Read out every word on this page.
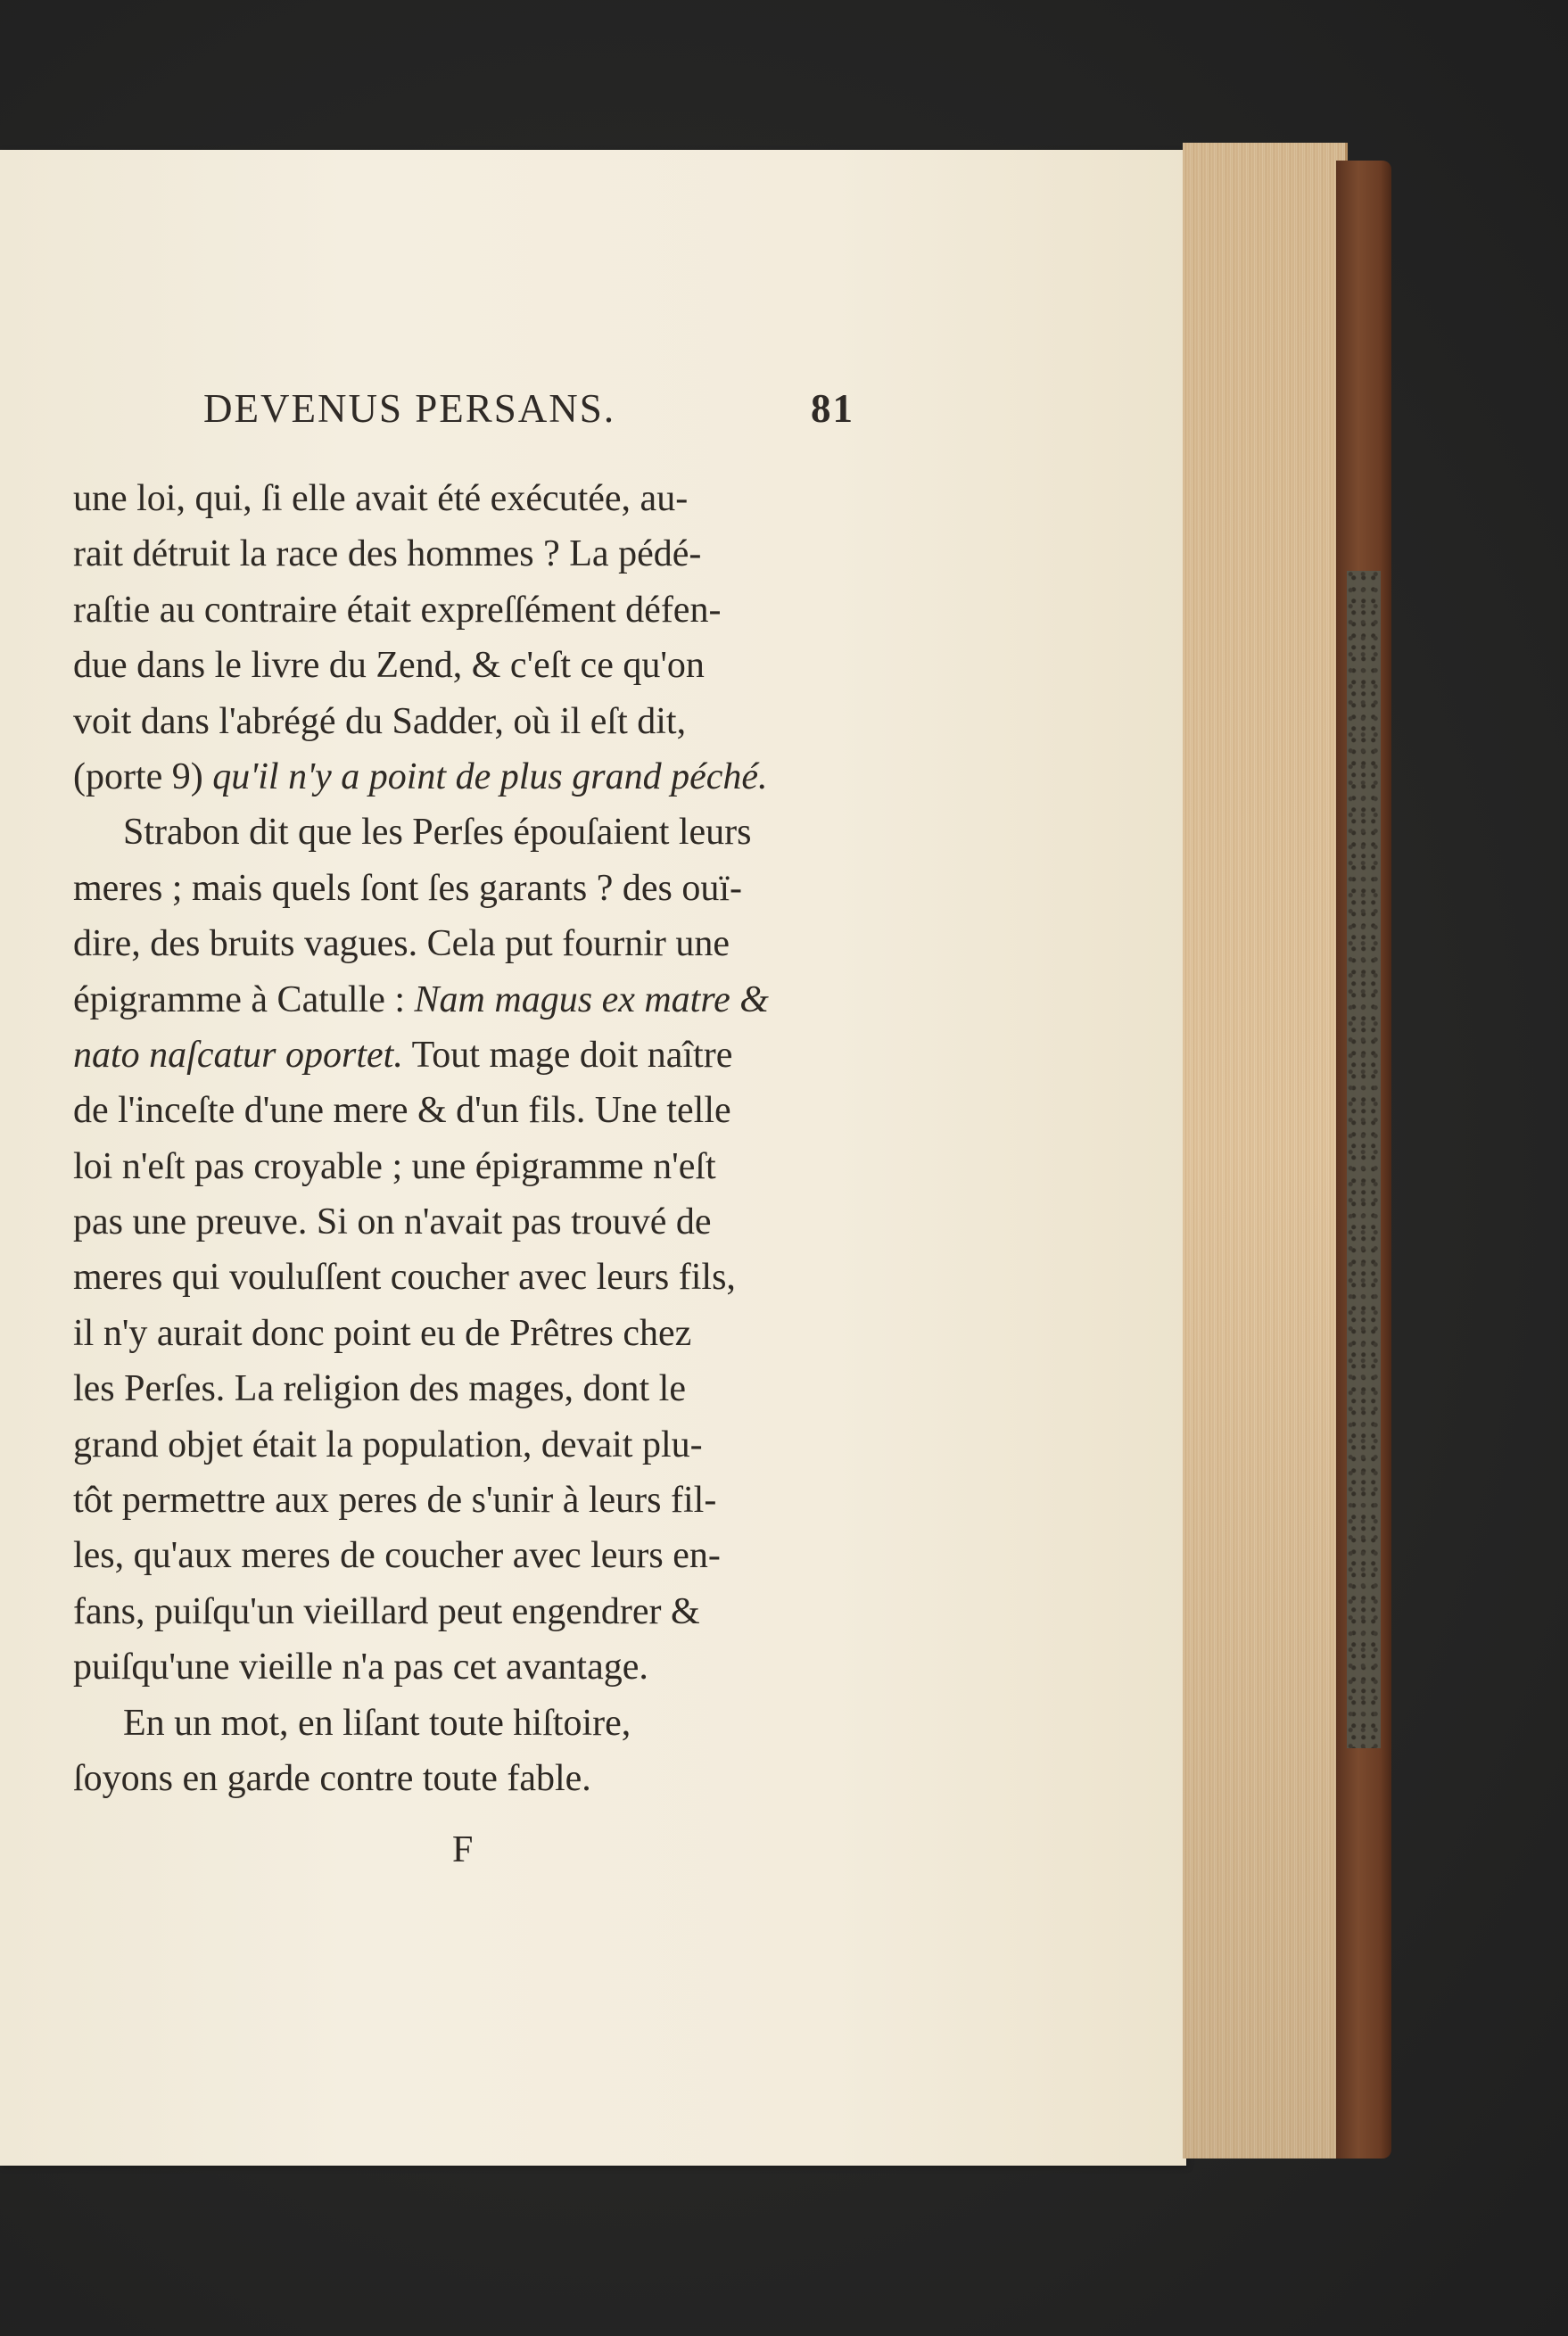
DEVENUS PERSANS.	81
une loi, qui, ſi elle avait été exécutée, au-
rait détruit la race des hommes ? La pédé-
raſtie au contraire était expreſſément défen-
due dans le livre du Zend, & c'eſt ce qu'on
voit dans l'abrégé du Sadder, où il eſt dit,
(porte 9) qu'il n'y a point de plus grand péché.
Strabon dit que les Perſes épouſaient leurs
meres ; mais quels ſont ſes garants ? des ouï-
dire, des bruits vagues. Cela put fournir une
épigramme à Catulle : Nam magus ex matre &
nato naſcatur oportet. Tout mage doit naître
de l'inceſte d'une mere & d'un fils. Une telle
loi n'eſt pas croyable ; une épigramme n'eſt
pas une preuve. Si on n'avait pas trouvé de
meres qui vouluſſent coucher avec leurs fils,
il n'y aurait donc point eu de Prêtres chez
les Perſes. La religion des mages, dont le
grand objet était la population, devait plu-
tôt permettre aux peres de s'unir à leurs fil-
les, qu'aux meres de coucher avec leurs en-
fans, puiſqu'un vieillard peut engendrer &
puiſqu'une vieille n'a pas cet avantage.
En un mot, en liſant toute hiſtoire,
ſoyons en garde contre toute fable.
F
